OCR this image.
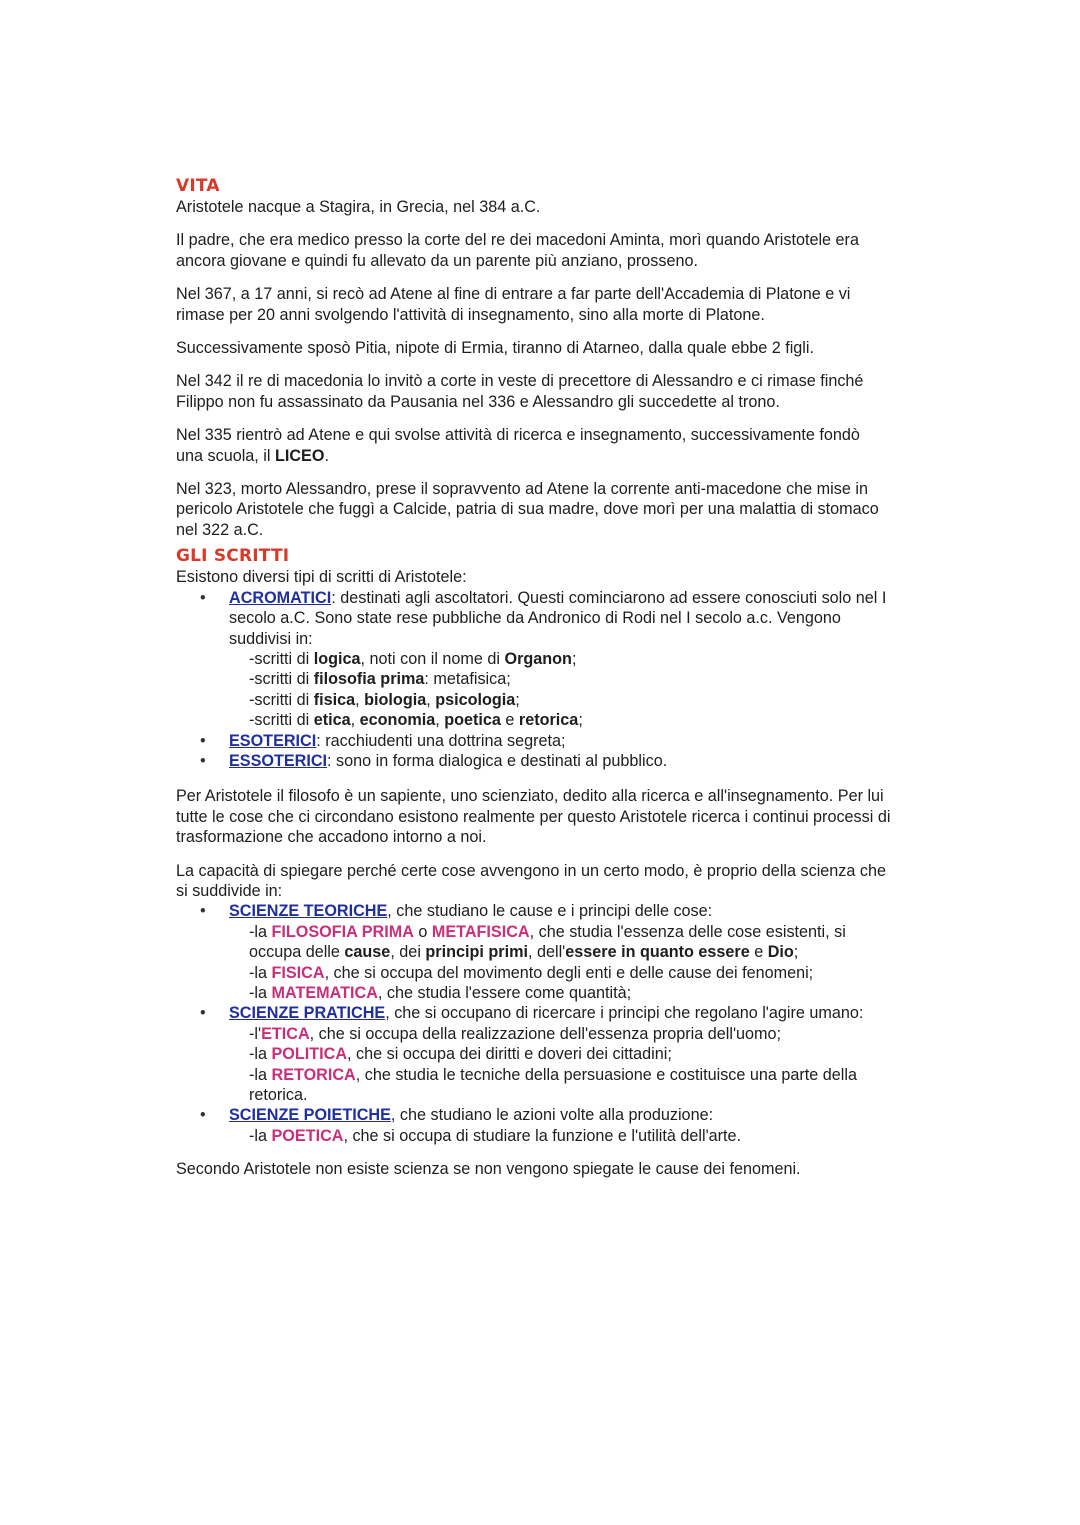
VITA

Aristotele nacque a Stagira, in Grecia, nel 384 a.C.

Il padre, che era medico presso la corte del re dei macedoni Aminta, morì quando Aristotele era ancora giovane e quindi fu allevato da un parente più anziano, prosseno.

Nel 367, a 17 anni, si recò ad Atene al fine di entrare a far parte dell'Accademia di Platone e vi rimase per 20 anni svolgendo l'attività di insegnamento, sino alla morte di Platone.

Successivamente sposò Pitia, nipote di Ermia, tiranno di Atarneo, dalla quale ebbe 2 figli.

Nel 342 il re di macedonia lo invitò a corte in veste di precettore di Alessandro e ci rimase finché Filippo non fu assassinato da Pausania nel 336 e Alessandro gli succedette al trono.

Nel 335 rientrò ad Atene e qui svolse attività di ricerca e insegnamento, successivamente fondò una scuola, il LICEO.

Nel 323, morto Alessandro, prese il sopravvento ad Atene la corrente anti-macedone che mise in pericolo Aristotele che fuggì a Calcide, patria di sua madre, dove morì per una malattia di stomaco nel 322 a.C.

GLI SCRITTI

Esistono diversi tipi di scritti di Aristotele:

• ACROMATICI: destinati agli ascoltatori. Questi cominciarono ad essere conosciuti solo nel I secolo a.C. Sono state rese pubbliche da Andronico di Rodi nel I secolo a.c. Vengono suddivisi in:
-scritti di logica, noti con il nome di Organon;
-scritti di filosofia prima: metafisica;
-scritti di fisica, biologia, psicologia;
-scritti di etica, economia, poetica e retorica;
• ESOTERICI: racchiudenti una dottrina segreta;
• ESSOTERICI: sono in forma dialogica e destinati al pubblico.

Per Aristotele il filosofo è un sapiente, uno scienziato, dedito alla ricerca e all'insegnamento. Per lui tutte le cose che ci circondano esistono realmente per questo Aristotele ricerca i continui processi di trasformazione che accadono intorno a noi.

La capacità di spiegare perché certe cose avvengono in un certo modo, è proprio della scienza che si suddivide in:

• SCIENZE TEORICHE, che studiano le cause e i principi delle cose:
-la FILOSOFIA PRIMA o METAFISICA, che studia l'essenza delle cose esistenti, si occupa delle cause, dei principi primi, dell'essere in quanto essere e Dio;
-la FISICA, che si occupa del movimento degli enti e delle cause dei fenomeni;
-la MATEMATICA, che studia l'essere come quantità;
• SCIENZE PRATICHE, che si occupano di ricercare i principi che regolano l'agire umano:
-l'ETICA, che si occupa della realizzazione dell'essenza propria dell'uomo;
-la POLITICA, che si occupa dei diritti e doveri dei cittadini;
-la RETORICA, che studia le tecniche della persuasione e costituisce una parte della retorica.
• SCIENZE POIETICHE, che studiano le azioni volte alla produzione:
-la POETICA, che si occupa di studiare la funzione e l'utilità dell'arte.

Secondo Aristotele non esiste scienza se non vengono spiegate le cause dei fenomeni.
